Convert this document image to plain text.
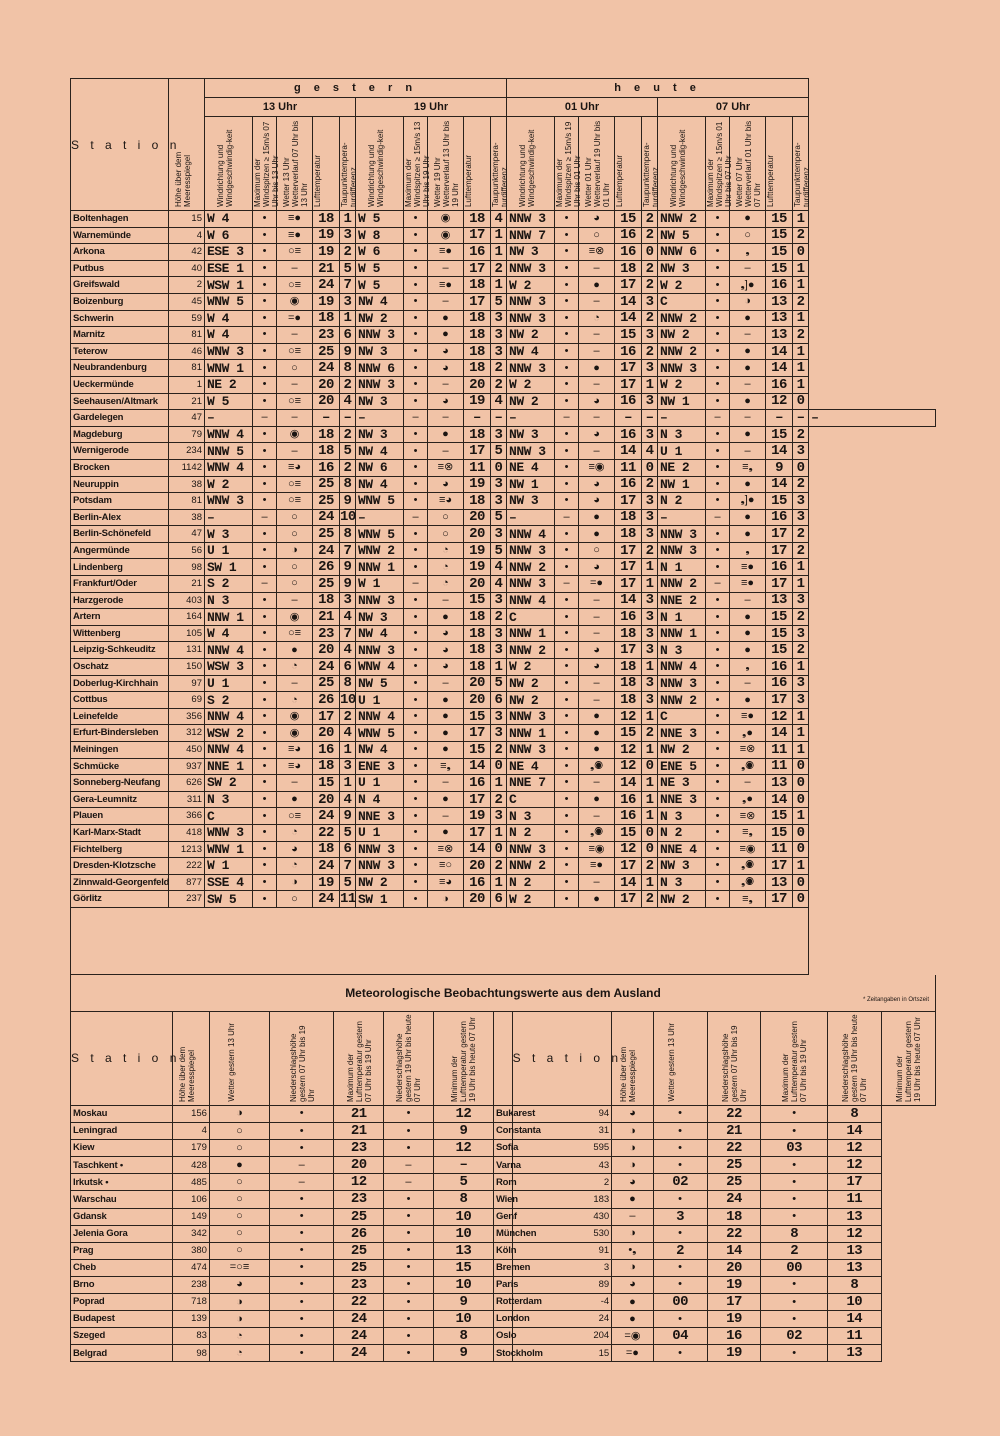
S t a t i o n	Höhe über dem Meeresspiegel	g e s t e r n										h e u t e										
		13 Uhr					19 Uhr					01 Uhr					07 Uhr					
		Windrichtung und Windgeschwindig-keit	Maximum der Windspitzen ≥ 15m/s 07 Uhr bis 13 Uhr	Wetter 13 Uhr Wetterverlauf 07 Uhr bis 13 Uhr	Lufttemperatur	Taupunkttempera-turdifferenz	Windrichtung und Windgeschwindig-keit	Maximum der Windspitzen ≥ 15m/s 13 Uhr bis 19 Uhr	Wetter 19 Uhr Wetterverlauf 13 Uhr bis 19 Uhr	Lufttemperatur	Taupunkttempera-turdifferenz	Windrichtung und Windgeschwindig-keit	Maximum der Windspitzen ≥ 15m/s 19 Uhr bis 01 Uhr	Wetter 01 Uhr Wetterverlauf 19 Uhr bis 01 Uhr	Lufttemperatur	Taupunkttempera-turdifferenz	Windrichtung und Windgeschwindig-keit	Maximum der Windspitzen ≥ 15m/s 01 Uhr bis 07 Uhr	Wetter 07 Uhr Wetterverlauf 01 Uhr bis 07 Uhr	Lufttemperatur	Taupunkttempera-turdifferenz.	
Boltenhagen	15	W 4	•	≡●	18	1	W 5	•	◉	18	4	NNW 3	•	◕	15	2	NNW 2	•	●	15	1	
Warnemünde	4	W 6	•	≡●	19	3	W 8	•	◉	17	1	NNW 7	•	○	16	2	NW 5	•	○	15	2	
Arkona	42	ESE 3	•	○≡	19	2	W 6	•	≡●	16	1	NW 3	•	≡⊗	16	0	NNW 6	•	❟	15	0	
Putbus	40	ESE 1	•	–	21	5	W 5	•	–	17	2	NNW 3	•	–	18	2	NW 3	•	–	15	1	
Greifswald	2	WSW 1	•	○≡	24	7	W 5	•	≡●	18	1	W 2	•	●	17	2	W 2	•	❟]●	16	1	
Boizenburg	45	WNW 5	•	◉	19	3	NW 4	•	–	17	5	NNW 3	•	–	14	3	C	•	◑	13	2	
Schwerin	59	W 4	•	=●	18	1	NW 2	•	●	18	3	NNW 3	•	◔	14	2	NNW 2	•	●	13	1	
Marnitz	81	W 4	•	–	23	6	NNW 3	•	●	18	3	NW 2	•	–	15	3	NW 2	•	–	13	2	
Teterow	46	WNW 3	•	○≡	25	9	NW 3	•	◕	18	3	NW 4	•	–	16	2	NNW 2	•	●	14	1	
Neubrandenburg	81	WNW 1	•	○	24	8	NNW 6	•	◕	18	2	NNW 3	•	●	17	3	NNW 3	•	●	14	1	
Ueckermünde	1	NE 2	•	–	20	2	NNW 3	•	–	20	2	W 2	•	–	17	1	W 2	•	–	16	1	
Seehausen/Altmark	21	W 5	•	○≡	20	4	NW 3	•	◕	19	4	NW 2	•	◕	16	3	NW 1	•	●	12	0	
Gardelegen	47	–	–	–	–	–	–	–	–	–	–	–	–	–	–	–	–	–	–	–	–	–
Magdeburg	79	WNW 4	•	◉	18	2	NW 3	•	●	18	3	NW 3	•	◕	16	3	N 3	•	●	15	2	
Wernigerode	234	NNW 5	•	–	18	5	NW 4	•	–	17	5	NNW 3	•	–	14	4	U 1	•	–	14	3	
Brocken	1142	WNW 4	•	≡◕	16	2	NW 6	•	≡⊗	11	0	NE 4	•	≡◉	11	0	NE 2	•	≡❟	9	0	
Neuruppin	38	W 2	•	○≡	25	8	NW 4	•	◕	19	3	NW 1	•	◕	16	2	NW 1	•	●	14	2	
Potsdam	81	WNW 3	•	○≡	25	9	WNW 5	•	≡◕	18	3	NW 3	•	◕	17	3	N 2	•	❟]●	15	3	
Berlin-Alex	38	–	–	○	24	10	–	–	○	20	5	–	–	●	18	3	–	–	●	16	3	
Berlin-Schönefeld	47	W 3	•	○	25	8	WNW 5	•	○	20	3	NNW 4	•	●	18	3	NNW 3	•	●	17	2	
Angermünde	56	U 1	•	◑	24	7	WNW 2	•	◔	19	5	NNW 3	•	○	17	2	NNW 3	•	❟	17	2	
Lindenberg	98	SW 1	•	○	26	9	NNW 1	•	◔	19	4	NNW 2	•	◕	17	1	N 1	•	≡●	16	1	
Frankfurt/Oder	21	S 2	–	○	25	9	W 1	–	◔	20	4	NNW 3	–	=●	17	1	NNW 2	–	≡●	17	1	
Harzgerode	403	N 3	•	–	18	3	NNW 3	•	–	15	3	NNW 4	•	–	14	3	NNE 2	•	–	13	3	
Artern	164	NNW 1	•	◉	21	4	NW 3	•	●	18	2	C	•	–	16	3	N 1	•	●	15	2	
Wittenberg	105	W 4	•	○≡	23	7	NW 4	•	◕	18	3	NNW 1	•	–	18	3	NNW 1	•	●	15	3	
Leipzig-Schkeuditz	131	NNW 4	•	●	20	4	NNW 3	•	◕	18	3	NNW 2	•	◕	17	3	N 3	•	●	15	2	
Oschatz	150	WSW 3	•	◔	24	6	WNW 4	•	◕	18	1	W 2	•	◕	18	1	NNW 4	•	❟	16	1	
Doberlug-Kirchhain	97	U 1	•	–	25	8	NW 5	•	–	20	5	NW 2	•	–	18	3	NNW 3	•	–	16	3	
Cottbus	69	S 2	•	◔	26	10	U 1	•	●	20	6	NW 2	•	–	18	3	NNW 2	•	●	17	3	
Leinefelde	356	NNW 4	•	◉	17	2	NNW 4	•	●	15	3	NNW 3	•	●	12	1	C	•	≡●	12	1	
Erfurt-Bindersleben	312	WSW 2	•	◉	20	4	WNW 5	•	●	17	3	NNW 1	•	●	15	2	NNE 3	•	❟●	14	1	
Meiningen	450	NNW 4	•	≡◕	16	1	NW 4	•	●	15	2	NNW 3	•	●	12	1	NW 2	•	≡⊗	11	1	
Schmücke	937	NNE 1	•	≡◕	18	3	ENE 3	•	≡❟	14	0	NE 4	•	❟◉	12	0	ENE 5	•	❟◉	11	0	
Sonneberg-Neufang	626	SW 2	•	–	15	1	U 1	•	–	16	1	NNE 7	•	–	14	1	NE 3	•	–	13	0	
Gera-Leumnitz	311	N 3	•	●	20	4	N 4	•	●	17	2	C	•	●	16	1	NNE 3	•	❟●	14	0	
Plauen	366	C	•	○≡	24	9	NNE 3	•	–	19	3	N 3	•	–	16	1	N 3	•	≡⊗	15	1	
Karl-Marx-Stadt	418	WNW 3	•	◔	22	5	U 1	•	●	17	1	N 2	•	❟◉	15	0	N 2	•	≡❟	15	0	
Fichtelberg	1213	WNW 1	•	◕	18	6	NNW 3	•	≡⊗	14	0	NNW 3	•	≡◉	12	0	NNE 4	•	≡◉	11	0	
Dresden-Klotzsche	222	W 1	•	◔	24	7	NNW 3	•	≡○	20	2	NNW 2	•	≡●	17	2	NW 3	•	❟◉	17	1	
Zinnwald-Georgenfeld	877	SSE 4	•	◑	19	5	NW 2	•	≡◕	16	1	N 2	•	–	14	1	N 3	•	❟◉	13	0	
Görlitz	237	SW 5	•	○	24	11	SW 1	•	◑	20	6	W 2	•	●	17	2	NW 2	•	≡❟	17	0	

Meteorologische Beobachtungswerte aus dem Ausland * Zeitangaben in Ortszeit														

S t a t i o n	Höhe über dem Meeresspiegel	Wetter gestern 13 Uhr	Niederschlagshöhe gestern 07 Uhr bis 19 Uhr	Maximum der Lufttemperatur gestern 07 Uhr bis 19 Uhr	Niederschlagshöhe gestern 19 Uhr bis heute 07 Uhr	Minimum der Lufttemperatur gestern 19 Uhr bis heute 07 Uhr		S t a t i o n	Höhe über dem Meeresspiegel	Wetter gestern 13 Uhr	Niederschlagshöhe gestern 07 Uhr bis 19 Uhr	Maximum der Lufttemperatur gestern 07 Uhr bis 19 Uhr	Niederschlagshöhe gestern 19 Uhr bis heute 07 Uhr	Minimum der Lufttemperatur gestern 19 Uhr bis heute 07 Uhr
Moskau	156	◑	•	21	•	12	Bukarest	94	◕	•	22	•	8	
Leningrad	4	○	•	21	•	9	Constanta	31	◑	•	21	•	14	
Kiew	179	○	•	23	•	12	Sofia	595	◑	•	22	03	12	
Taschkent •	428	●	–	20	–	–	Varna	43	◑	•	25	•	12	
Irkutsk •	485	○	–	12	–	5	Rom	2	◕	02	25	•	17	
Warschau	106	○	•	23	•	8	Wien	183	●	•	24	•	11	
Gdansk	149	○	•	25	•	10	Genf	430	–	3	18	•	13	
Jelenia Gora	342	○	•	26	•	10	München	530	◑	•	22	8	12	
Prag	380	○	•	25	•	13	Köln	91	•❟	2	14	2	13	
Cheb	474	=○≡	•	25	•	15	Bremen	3	◑	•	20	00	13	
Brno	238	◕	•	23	•	10	Paris	89	◕	•	19	•	8	
Poprad	718	◑	•	22	•	9	Rotterdam	-4	●	00	17	•	10	
Budapest	139	◑	•	24	•	10	London	24	●	•	19	•	14	
Szeged	83	◔	•	24	•	8	Oslo	204	=◉	04	16	02	11	
Belgrad	98	◔	•	24	•	9	Stockholm	15	=●	•	19	•	13	
